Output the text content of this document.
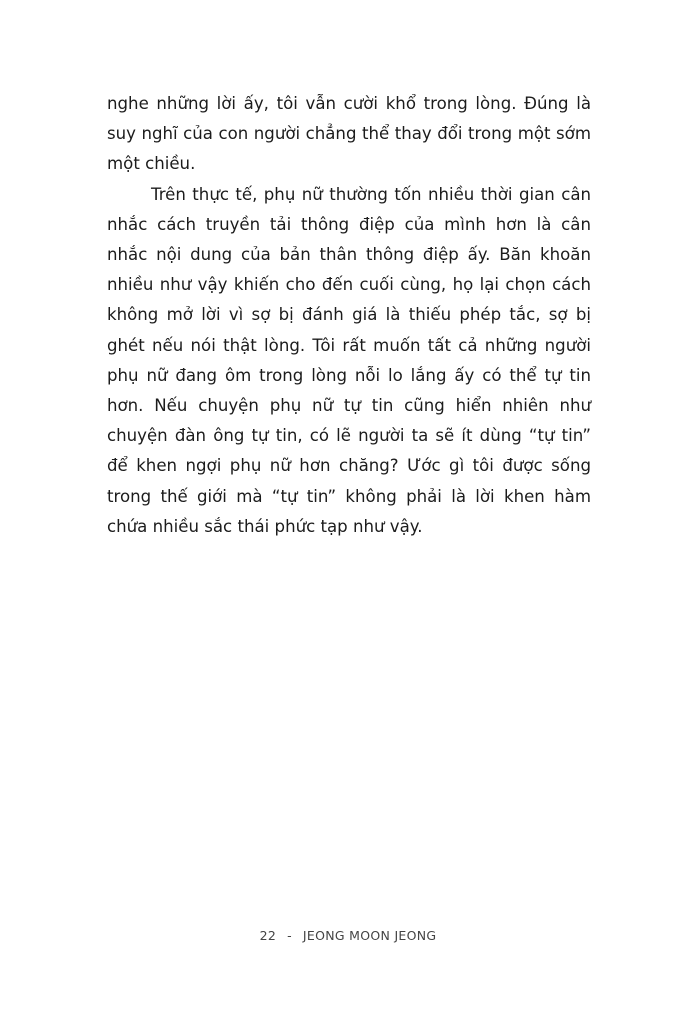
nghe những lời ấy, tôi vẫn cười khổ trong lòng. Đúng là suy nghĩ của con người chẳng thể thay đổi trong một sớm một chiều.

Trên thực tế, phụ nữ thường tốn nhiều thời gian cân nhắc cách truyền tải thông điệp của mình hơn là cân nhắc nội dung của bản thân thông điệp ấy. Băn khoăn nhiều như vậy khiến cho đến cuối cùng, họ lại chọn cách không mở lời vì sợ bị đánh giá là thiếu phép tắc, sợ bị ghét nếu nói thật lòng. Tôi rất muốn tất cả những người phụ nữ đang ôm trong lòng nỗi lo lắng ấy có thể tự tin hơn. Nếu chuyện phụ nữ tự tin cũng hiển nhiên như chuyện đàn ông tự tin, có lẽ người ta sẽ ít dùng “tự tin” để khen ngợi phụ nữ hơn chăng? Ước gì tôi được sống trong thế giới mà “tự tin” không phải là lời khen hàm chứa nhiều sắc thái phức tạp như vậy.

22 - JEONG MOON JEONG
